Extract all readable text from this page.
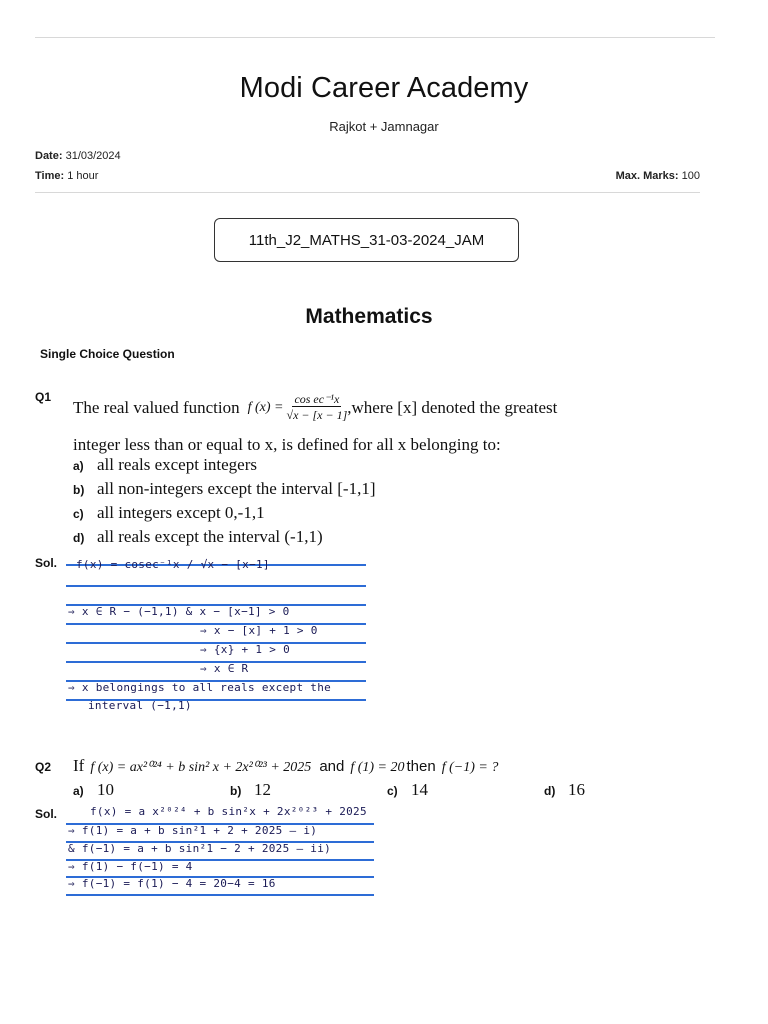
Modi Career Academy
Rajkot + Jamnagar
Date: 31/03/2024
Time: 1 hour	Max. Marks: 100
11th_J2_MATHS_31-03-2024_JAM
Mathematics
Single Choice Question
Q1
The real valued function f $(x) = \frac{\text{cos ec⁻¹x}}{√x - [x - 1]}$ ,where [x] denoted the greatest
integer less than or equal to x, is defined for all x belonging to:
a) all reals except integers
b) all non-integers except the interval [-1,1]
c) all integers except 0,-1,1
d) all reals except the interval (-1,1)
Sol. f(x) = cosec⁻¹x / √x − [x−1]
⇒ x ∈ R − (−1,1) & x − [x−1] > 0
⇒ x − [x] + 1 > 0
⇒ {x} + 1 > 0
⇒ x ∈ R
⇒ x belongings to all reals except the
interval (−1,1)
Q2 If f (x) = ax²⁰²⁴ + b sin² x + 2x²⁰²³ + 2025 and f (1) = 20 then f (−1) = ?
a) 10	b) 12	c) 14	d) 16
Sol.	f(x) = a x²⁰²⁴ + b sin²x + 2x²⁰²³ + 2025
⇒ f(1) = a + b sin²1 + 2 + 2025 — i)
& f(−1) = a + b sin²1 − 2 + 2025 — ii)
⇒ f(1) − f(−1) = 4
⇒ f(−1) = f(1) − 4 = 20−4 = 16
